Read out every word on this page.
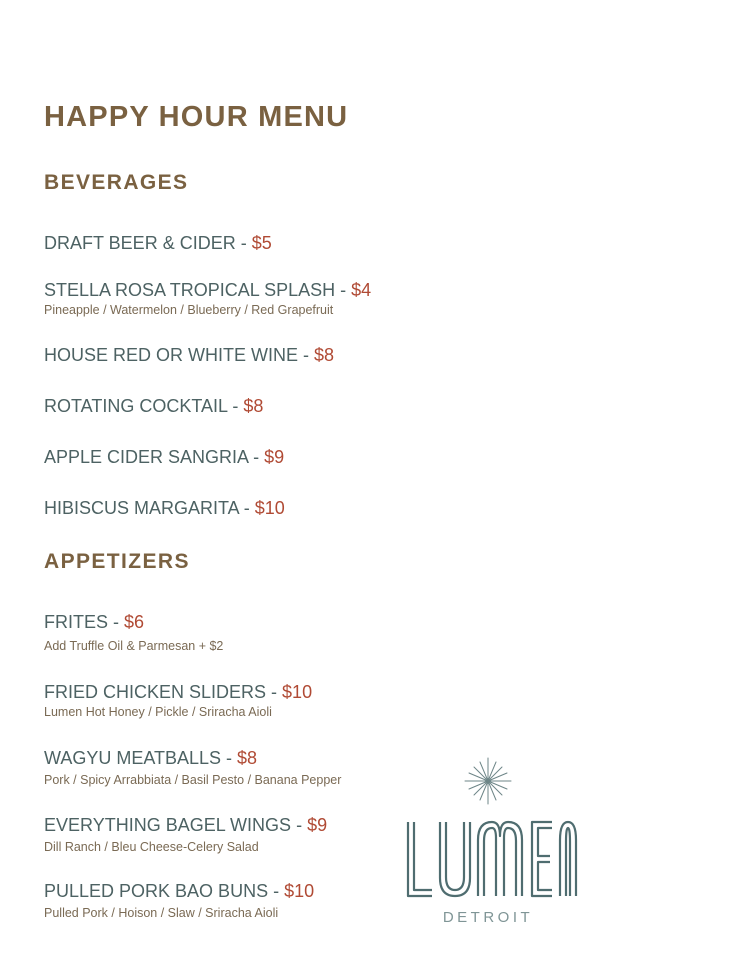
HAPPY HOUR MENU
BEVERAGES
DRAFT BEER & CIDER - $5
STELLA ROSA TROPICAL SPLASH - $4
Pineapple / Watermelon / Blueberry / Red Grapefruit
HOUSE RED OR WHITE WINE - $8
ROTATING COCKTAIL - $8
APPLE CIDER SANGRIA - $9
HIBISCUS MARGARITA - $10
APPETIZERS
FRITES - $6
Add Truffle Oil & Parmesan + $2
FRIED CHICKEN SLIDERS - $10
Lumen Hot Honey / Pickle / Sriracha Aioli
WAGYU MEATBALLS - $8
Pork / Spicy Arrabbiata / Basil Pesto / Banana Pepper
EVERYTHING BAGEL WINGS - $9
Dill Ranch / Bleu Cheese-Celery Salad
PULLED PORK BAO BUNS - $10
Pulled Pork / Hoison / Slaw / Sriracha Aioli	DETROIT
